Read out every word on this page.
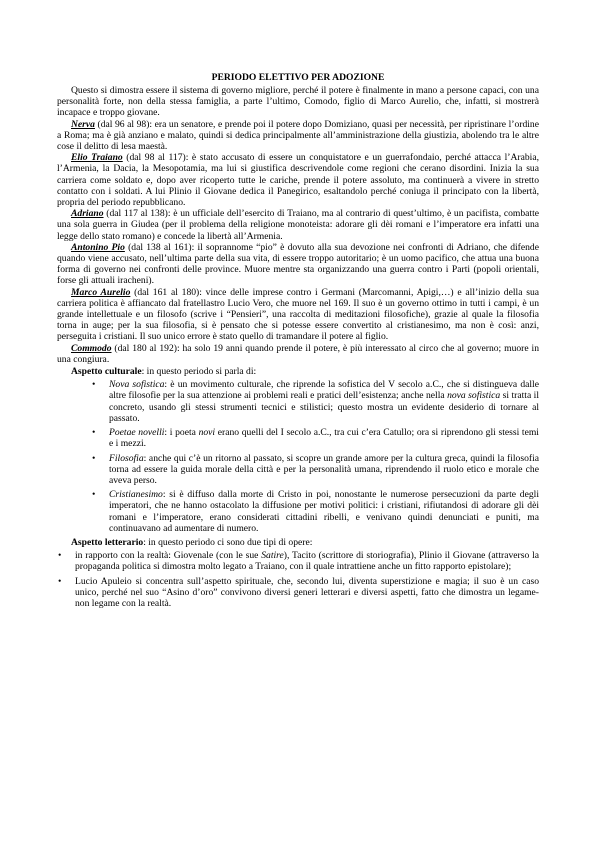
PERIODO ELETTIVO PER ADOZIONE

Questo si dimostra essere il sistema di governo migliore, perché il potere è finalmente in mano a persone capaci, con una personalità forte, non della stessa famiglia, a parte l’ultimo, Comodo, figlio di Marco Aurelio, che, infatti, si mostrerà incapace e troppo giovane.

Nerva (dal 96 al 98): era un senatore, e prende poi il potere dopo Domiziano, quasi per necessità, per ripristinare l’ordine a Roma; ma è già anziano e malato, quindi si dedica principalmente all’amministrazione della giustizia, abolendo tra le altre cose il delitto di lesa maestà.

Elio Traiano (dal 98 al 117): è stato accusato di essere un conquistatore e un guerrafondaio, perché attacca l’Arabia, l’Armenia, la Dacia, la Mesopotamia, ma lui si giustifica descrivendole come regioni che cerano disordini. Inizia la sua carriera come soldato e, dopo aver ricoperto tutte le cariche, prende il potere assoluto, ma continuerà a vivere in stretto contatto con i soldati. A lui Plinio il Giovane dedica il Panegirico, esaltandolo perché coniuga il principato con la libertà, propria del periodo repubblicano.

Adriano (dal 117 al 138): è un ufficiale dell’esercito di Traiano, ma al contrario di quest’ultimo, è un pacifista, combatte una sola guerra in Giudea (per il problema della religione monoteista: adorare gli dèi romani e l’imperatore era infatti una legge dello stato romano) e concede la libertà all’Armenia.

Antonino Pio (dal 138 al 161): il soprannome “pio” è dovuto alla sua devozione nei confronti di Adriano, che difende quando viene accusato, nell’ultima parte della sua vita, di essere troppo autoritario; è un uomo pacifico, che attua una buona forma di governo nei confronti delle province. Muore mentre sta organizzando una guerra contro i Parti (popoli orientali, forse gli attuali iracheni).

Marco Aurelio (dal 161 al 180): vince delle imprese contro i Germani (Marcomanni, Apigi,…) e all’inizio della sua carriera politica è affiancato dal fratellastro Lucio Vero, che muore nel 169. Il suo è un governo ottimo in tutti i campi, è un grande intellettuale e un filosofo (scrive i “Pensieri”, una raccolta di meditazioni filosofiche), grazie al quale la filosofia torna in auge; per la sua filosofia, si è pensato che si potesse essere convertito al cristianesimo, ma non è così: anzi, perseguita i cristiani. Il suo unico errore è stato quello di tramandare il potere al figlio.

Commodo (dal 180 al 192): ha solo 19 anni quando prende il potere, è più interessato al circo che al governo; muore in una congiura.

Aspetto culturale: in questo periodo si parla di:

• Nova sofistica: è un movimento culturale, che riprende la sofistica del V secolo a.C., che si distingueva dalle altre filosofie per la sua attenzione ai problemi reali e pratici dell’esistenza; anche nella nova sofistica si tratta il concreto, usando gli stessi strumenti tecnici e stilistici; questo mostra un evidente desiderio di tornare al passato.
• Poetae novelli: i poeta novi erano quelli del I secolo a.C., tra cui c’era Catullo; ora si riprendono gli stessi temi e i mezzi.
• Filosofia: anche qui c’è un ritorno al passato, si scopre un grande amore per la cultura greca, quindi la filosofia torna ad essere la guida morale della città e per la personalità umana, riprendendo il ruolo etico e morale che aveva perso.
• Cristianesimo: si è diffuso dalla morte di Cristo in poi, nonostante le numerose persecuzioni da parte degli imperatori, che ne hanno ostacolato la diffusione per motivi politici: i cristiani, rifiutandosi di adorare gli dèi romani e l’imperatore, erano considerati cittadini ribelli, e venivano quindi denunciati e puniti, ma continuavano ad aumentare di numero.

Aspetto letterario: in questo periodo ci sono due tipi di opere:

• in rapporto con la realtà: Giovenale (con le sue Satire), Tacito (scrittore di storiografia), Plinio il Giovane (attraverso la propaganda politica si dimostra molto legato a Traiano, con il quale intrattiene anche un fitto rapporto epistolare);
• Lucio Apuleio si concentra sull’aspetto spirituale, che, secondo lui, diventa superstizione e magia; il suo è un caso unico, perché nel suo “Asino d’oro” convivono diversi generi letterari e diversi aspetti, fatto che dimostra un legame-non legame con la realtà.
